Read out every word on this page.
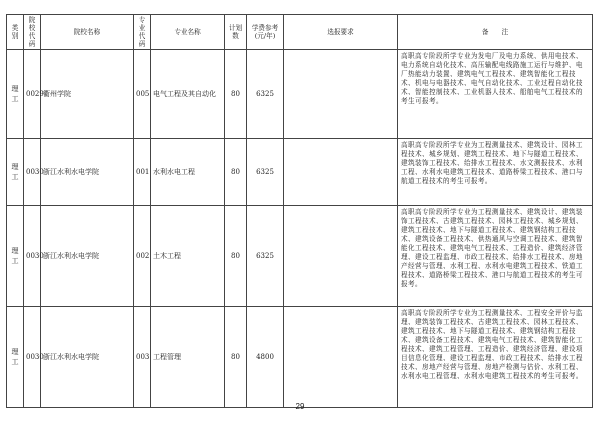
类别	院校代码	院校名称	专业代码	专业名称	计划数	学费参考(元/年)	选报要求	备　　注
理工	0029	衢州学院	005	电气工程及其自动化	80	6325		高职高专阶段所学专业为发电厂及电力系统、供用电技术、电力系统自动化技术、高压输配电线路施工运行与维护、电厂热能动力装置、建筑电气工程技术、建筑智能化工程技术、机电与电器技术、电气自动化技术、工业过程自动化技术、智能控制技术、工业机器人技术、船舶电气工程技术的考生可报考。
理工	0030	浙江水利水电学院	001	水利水电工程	80	6325		高职高专阶段所学专业为工程测量技术、建筑设计、园林工程技术、城乡规划、建筑工程技术、地下与隧道工程技术、建筑装饰工程技术、给排水工程技术、水文测报技术、水利工程、水利水电建筑工程技术、道路桥梁工程技术、港口与航道工程技术的考生可报考。
理工	0030	浙江水利水电学院	002	土木工程	80	6325		高职高专阶段所学专业为工程测量技术、建筑设计、建筑装饰工程技术、古建筑工程技术、园林工程技术、城乡规划、建筑工程技术、地下与隧道工程技术、建筑钢结构工程技术、建筑设备工程技术、供热通风与空调工程技术、建筑智能化工程技术、建筑电气工程技术、工程造价、建筑经济管理、建设工程监理、市政工程技术、给排水工程技术、房地产经营与管理、水利工程、水利水电建筑工程技术、铁道工程技术、道路桥梁工程技术、港口与航道工程技术的考生可报考。
理工	0030	浙江水利水电学院	003	工程管理	80	4800		高职高专阶段所学专业为工程测量技术、工程安全评价与监理、建筑装饰工程技术、古建筑工程技术、园林工程技术、建筑工程技术、地下与隧道工程技术、建筑钢结构工程技术、建筑设备工程技术、建筑电气工程技术、建筑智能化工程技术、建筑工程管理、工程造价、建筑经济管理、建设项目信息化管理、建设工程监理、市政工程技术、给排水工程技术、房地产经营与管理、房地产检测与估价、水利工程、水利水电工程管理、水利水电建筑工程技术的考生可报考。
29
